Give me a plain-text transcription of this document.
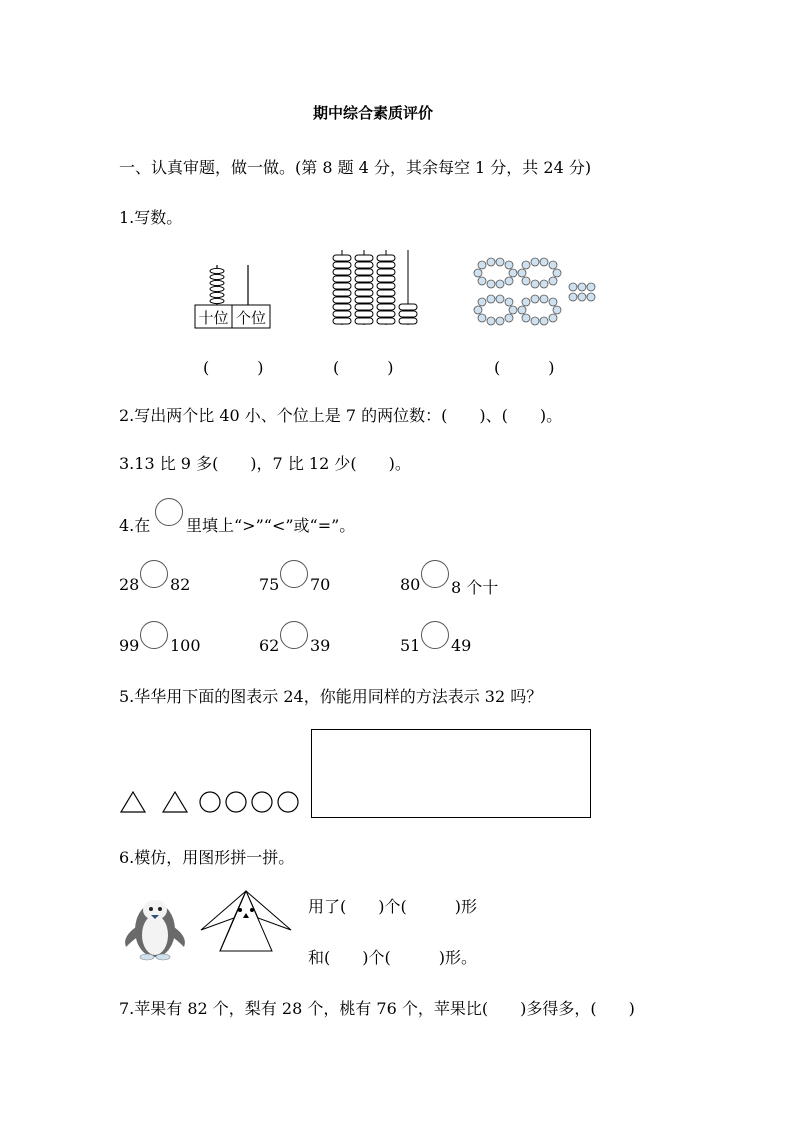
期中综合素质评价
一、认真审题，做一做。(第 8 题 4 分，其余每空 1 分，共 24 分)
1.写数。
十位 个位
(　　　)	(　　　)	(　　　)
2.写出两个比 40 小、个位上是 7 的两位数：(　　)、(　　)。
3.13 比 9 多(　　)，7 比 12 少(　　)。
4.在 里填上“>”“<”或“=”。
28 82	75 70	80 8 个十
99 100	62 39	51 49
5.华华用下面的图表示 24，你能用同样的方法表示 32 吗？
6.模仿，用图形拼一拼。
用了(　　)个(　　　)形
和(　　)个(　　　)形。
7.苹果有 82 个，梨有 28 个，桃有 76 个，苹果比(　　)多得多，(　　)
